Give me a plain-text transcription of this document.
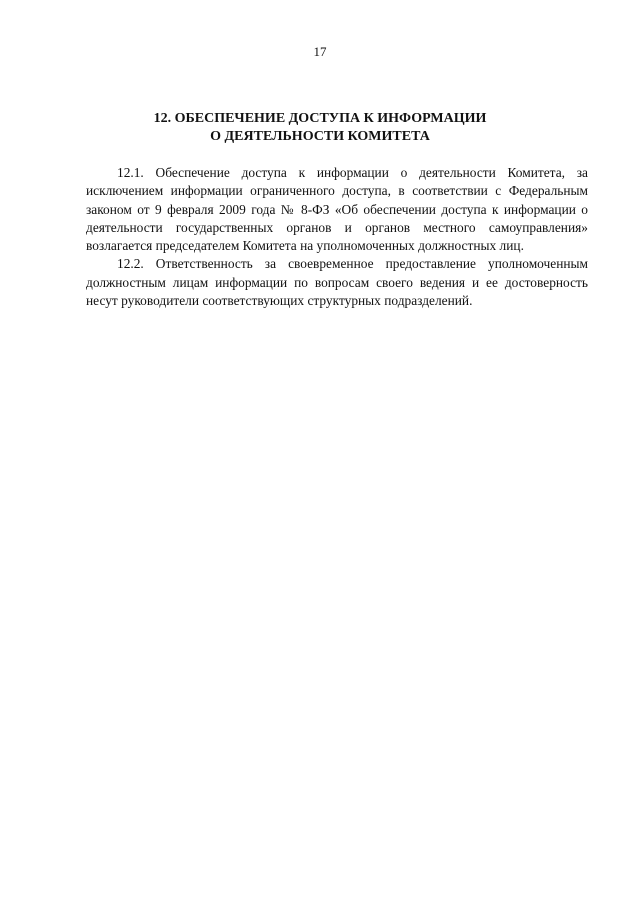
17
12. ОБЕСПЕЧЕНИЕ ДОСТУПА К ИНФОРМАЦИИ
О ДЕЯТЕЛЬНОСТИ КОМИТЕТА

12.1. Обеспечение доступа к информации о деятельности Комитета, за исключением информации ограниченного доступа, в соответствии с Федеральным законом от 9 февраля 2009 года № 8-ФЗ «Об обеспечении доступа к информации о деятельности государственных органов и органов местного самоуправления» возлагается председателем Комитета на уполномоченных должностных лиц.

12.2. Ответственность за своевременное предоставление уполномоченным должностным лицам информации по вопросам своего ведения и ее достоверность несут руководители соответствующих структурных подразделений.
